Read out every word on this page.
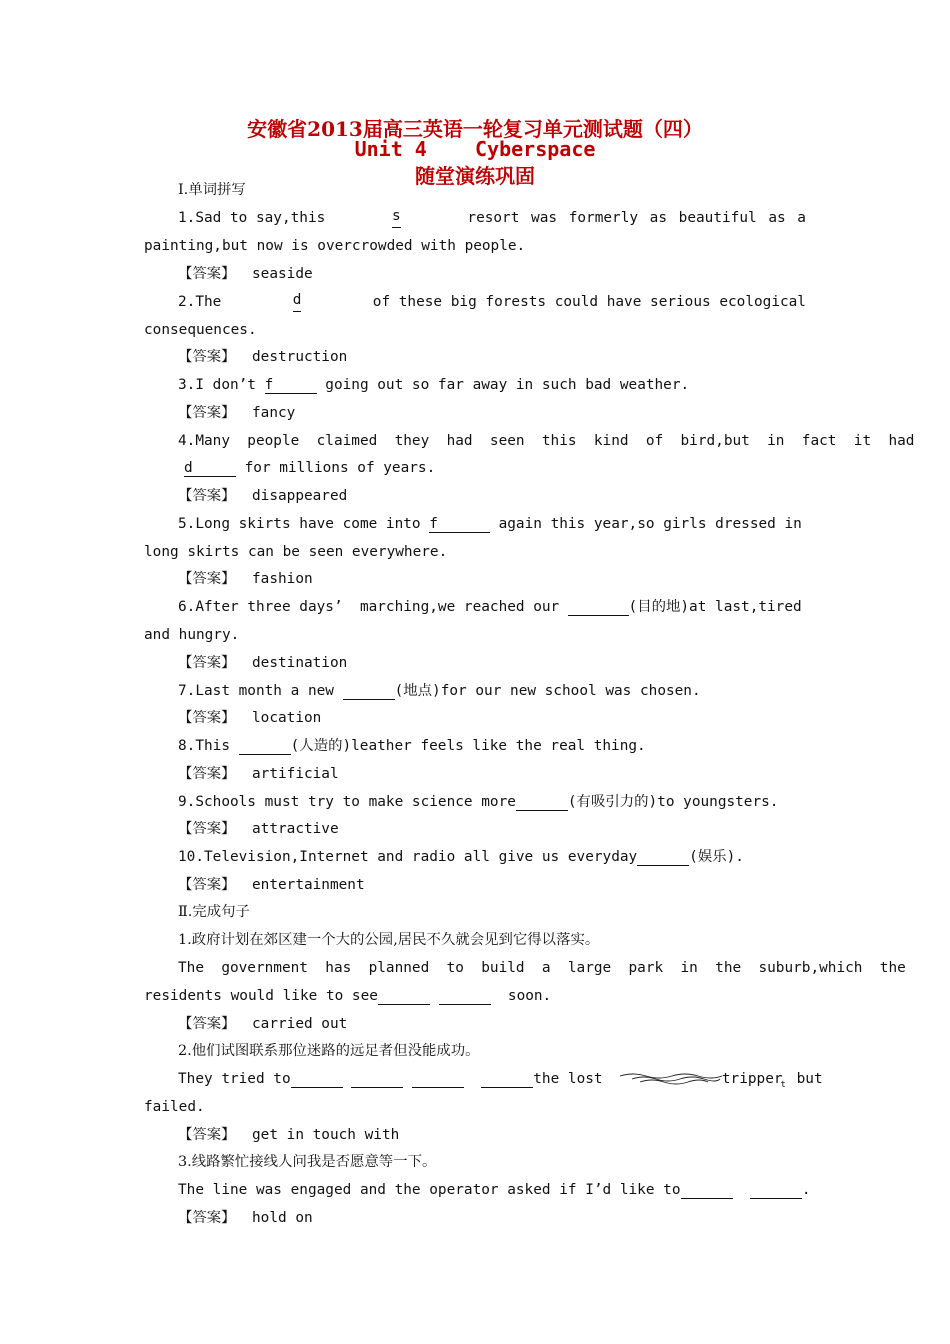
安徽省2013届高三英语一轮复习单元测试题（四）
Unit 4    Cyberspace
随堂演练巩固
Ⅰ.单词拼写
1.Sad to say,this	s	resort was formerly as beautiful as a
painting,but now is overcrowded with people.
【答案】 seaside
2.The	d	of these big forests could have serious ecological
consequences.
【答案】 destruction
3.I don’t f      going out so far away in such bad weather.
【答案】 fancy
4.Many  people  claimed  they  had  seen  this  kind  of  bird,but  in  fact  it  had
d      for millions of years.
【答案】 disappeared
5.Long skirts have come into f       again this year,so girls dressed in
long skirts can be seen everywhere.
【答案】 fashion
6.After three days’  marching,we reached our	(目的地)at last,tired
and hungry.
【答案】 destination
7.Last month a new	(地点)for our new school was chosen.
【答案】 location
8.This	(人造的)leather feels like the real thing.
【答案】 artificial
9.Schools must try to make science more	(有吸引力的)to youngsters.
【答案】 attractive
10.Television,Internet and radio all give us everyday	(娱乐).
【答案】 entertainment
Ⅱ.完成句子
1.政府计划在郊区建一个大的公园,居民不久就会见到它得以落实。
The  government  has  planned  to  build  a  large  park  in  the  suburb,which  the
residents would like to see	soon.
【答案】 carried out
2.他们试图联系那位迷路的远足者但没能成功。
They tried to	the lost	tripper$_t$ but
failed.
【答案】 get in touch with
3.线路繁忙接线人问我是否愿意等一下。
The line was engaged and the operator asked if I’d like to	.
【答案】 hold on
